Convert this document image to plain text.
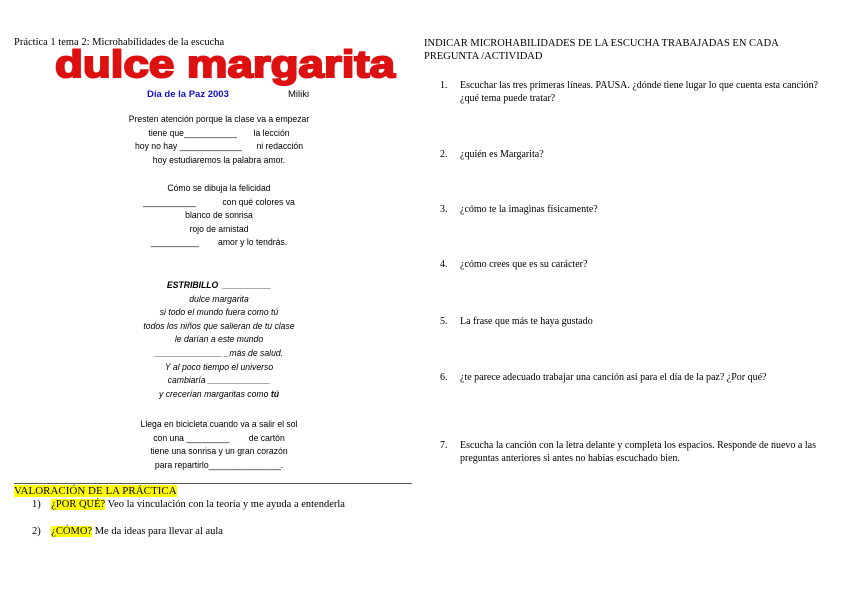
Práctica 1 tema 2: Microhabilidades de la escucha
dulce margarita
Día de la Paz 2003	Miliki
Presten atención porque la clase va a empezar
tiene que___________       la lección
hoy no hay _____________      ni redacción
hoy estudiaremos la palabra amor.
Cómo se dibuja la felicidad
___________           con qué colores va
blanco de sonrisa
rojo de amistad
__________        amor y lo tendrás.
ESTRIBILLO  __________
dulce margarita
si todo el mundo fuera como tú
todos los niños que salieran de tu clase
le darían a este mundo
______________ _más de salud.
Y al poco tiempo el universo
cambiaría _____________
y crecerían margaritas como tú
Llega en bicicleta cuando va a salir el sol
con una _________        de cartón
tiene una sonrisa y un gran corazón
para repartirlo_______________.
VALORACIÓN DE LA PRÁCTICA
1) ¿POR QUÉ? Veo la vinculación con la teoría y me ayuda a entenderla
2) ¿CÓMO? Me da ideas para llevar al aula
INDICAR MICROHABILIDADES DE LA ESCUCHA TRABAJADAS EN CADA PREGUNTA /ACTIVIDAD
1. Escuchar las tres primeras líneas. PAUSA. ¿dónde tiene lugar lo que cuenta esta canción? ¿qué tema puede tratar?
2. ¿quién es Margarita?
3. ¿cómo te la imaginas físicamente?
4. ¿cómo crees que es su carácter?
5. La frase que más te haya gustado
6. ¿te parece adecuado trabajar una canción así para el día de la paz? ¿Por qué?
7. Escucha la canción con la letra delante y completa los espacios. Responde de nuevo a las preguntas anteriores si antes no habías escuchado bien.
